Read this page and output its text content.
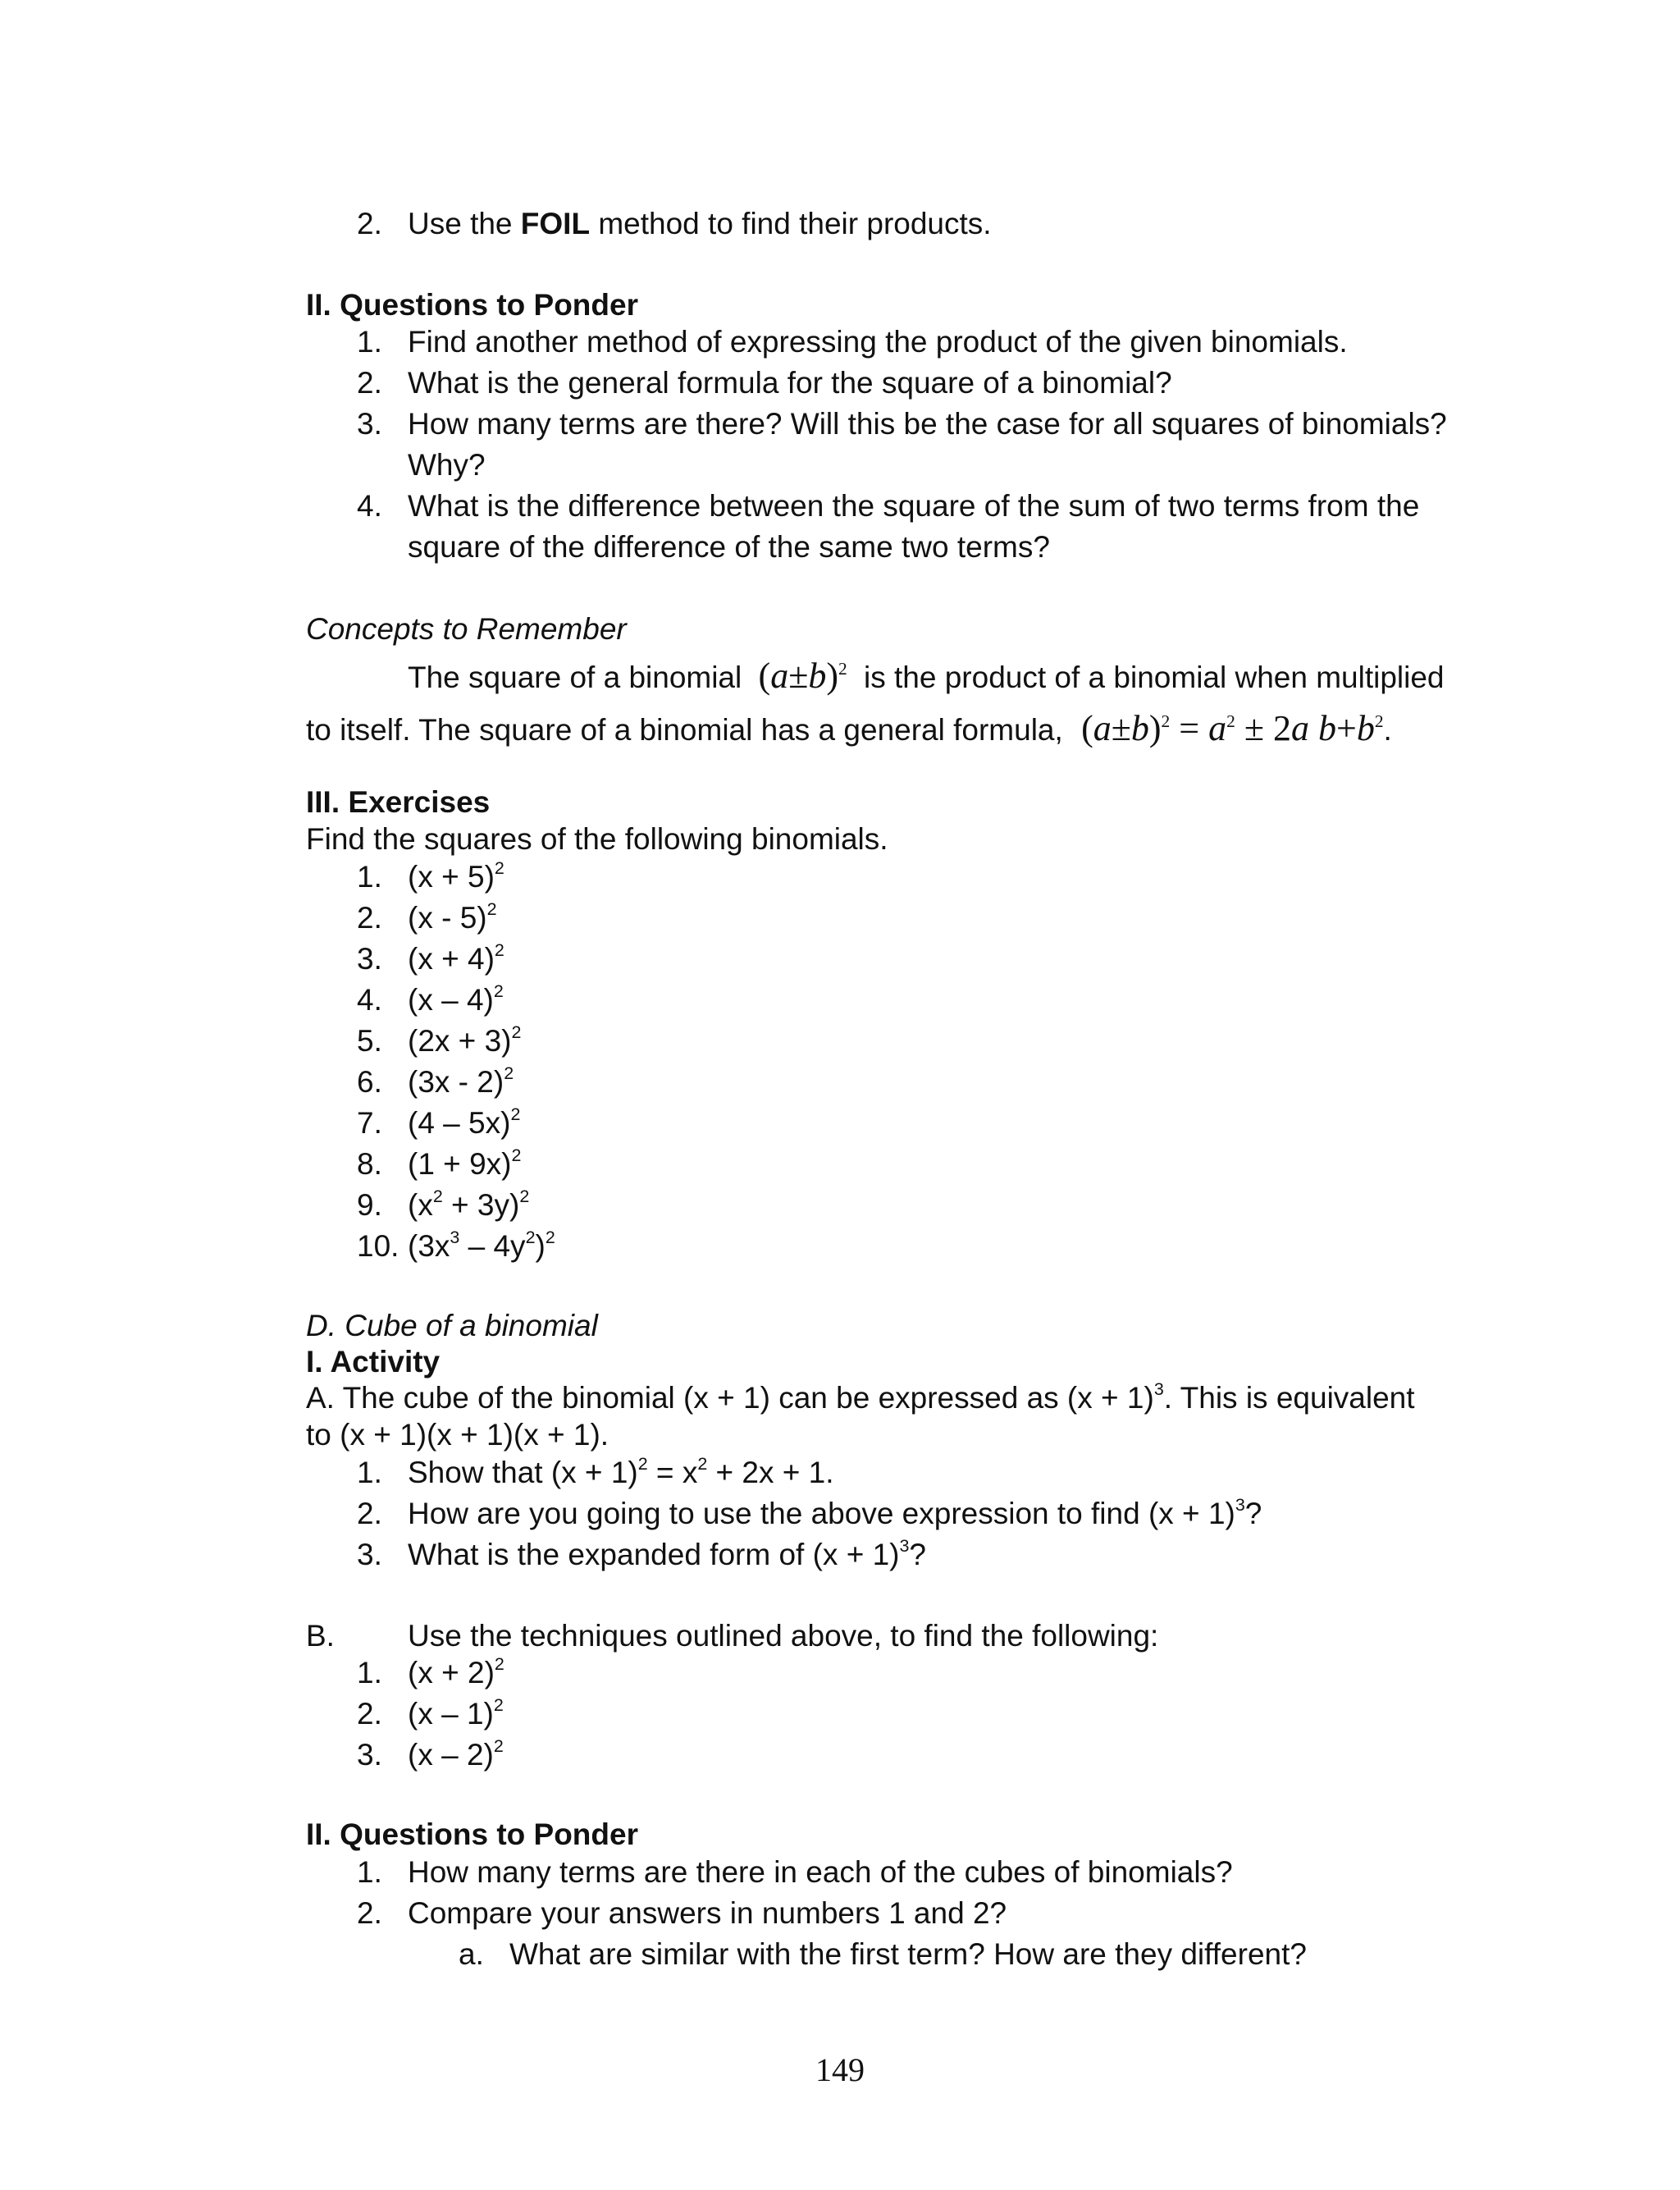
2. Use the FOIL method to find their products.
II. Questions to Ponder
1. Find another method of expressing the product of the given binomials.
2. What is the general formula for the square of a binomial?
3. How many terms are there? Will this be the case for all squares of binomials?
Why?
4. What is the difference between the square of the sum of two terms from the
square of the difference of the same two terms?
Concepts to Remember
The square of a binomial $(a\pm b)^2$ is the product of a binomial when multiplied
to itself. The square of a binomial has a general formula, $(a\pm b)^2 = a^2 \pm 2a$ $b+b^2$.
III. Exercises
Find the squares of the following binomials.
1. $(x + 5)^2$
2. (x - 5)$^2$
3. $(x + 4)^2$
4. (x – 4)$^2$
5. $(2x + 3)^2$
6. (3x - 2)$^2$
7. (4 – 5x)$^2$
8. $(1 + 9x)^2$
9. $(x^2 + 3y)^2$
10. $(3x^3 - 4y^2)^2$
D. Cube of a binomial
I. Activity
A. The cube of the binomial (x + 1) can be expressed as $(x + 1)^3$. This is equivalent
to (x + 1)(x + 1)(x + 1).
1. Show that $(x + 1)^2 = x^2 + 2x + 1$.
2. How are you going to use the above expression to find $(x + 1)^3$?
3. What is the expanded form of $(x + 1)^3$?
B. Use the techniques outlined above, to find the following:
1. $(x + 2)^2$
2. (x – 1)$^2$
3. (x – 2)$^2$
II. Questions to Ponder
1. How many terms are there in each of the cubes of binomials?
2. Compare your answers in numbers 1 and 2?
a. What are similar with the first term? How are they different?
149
